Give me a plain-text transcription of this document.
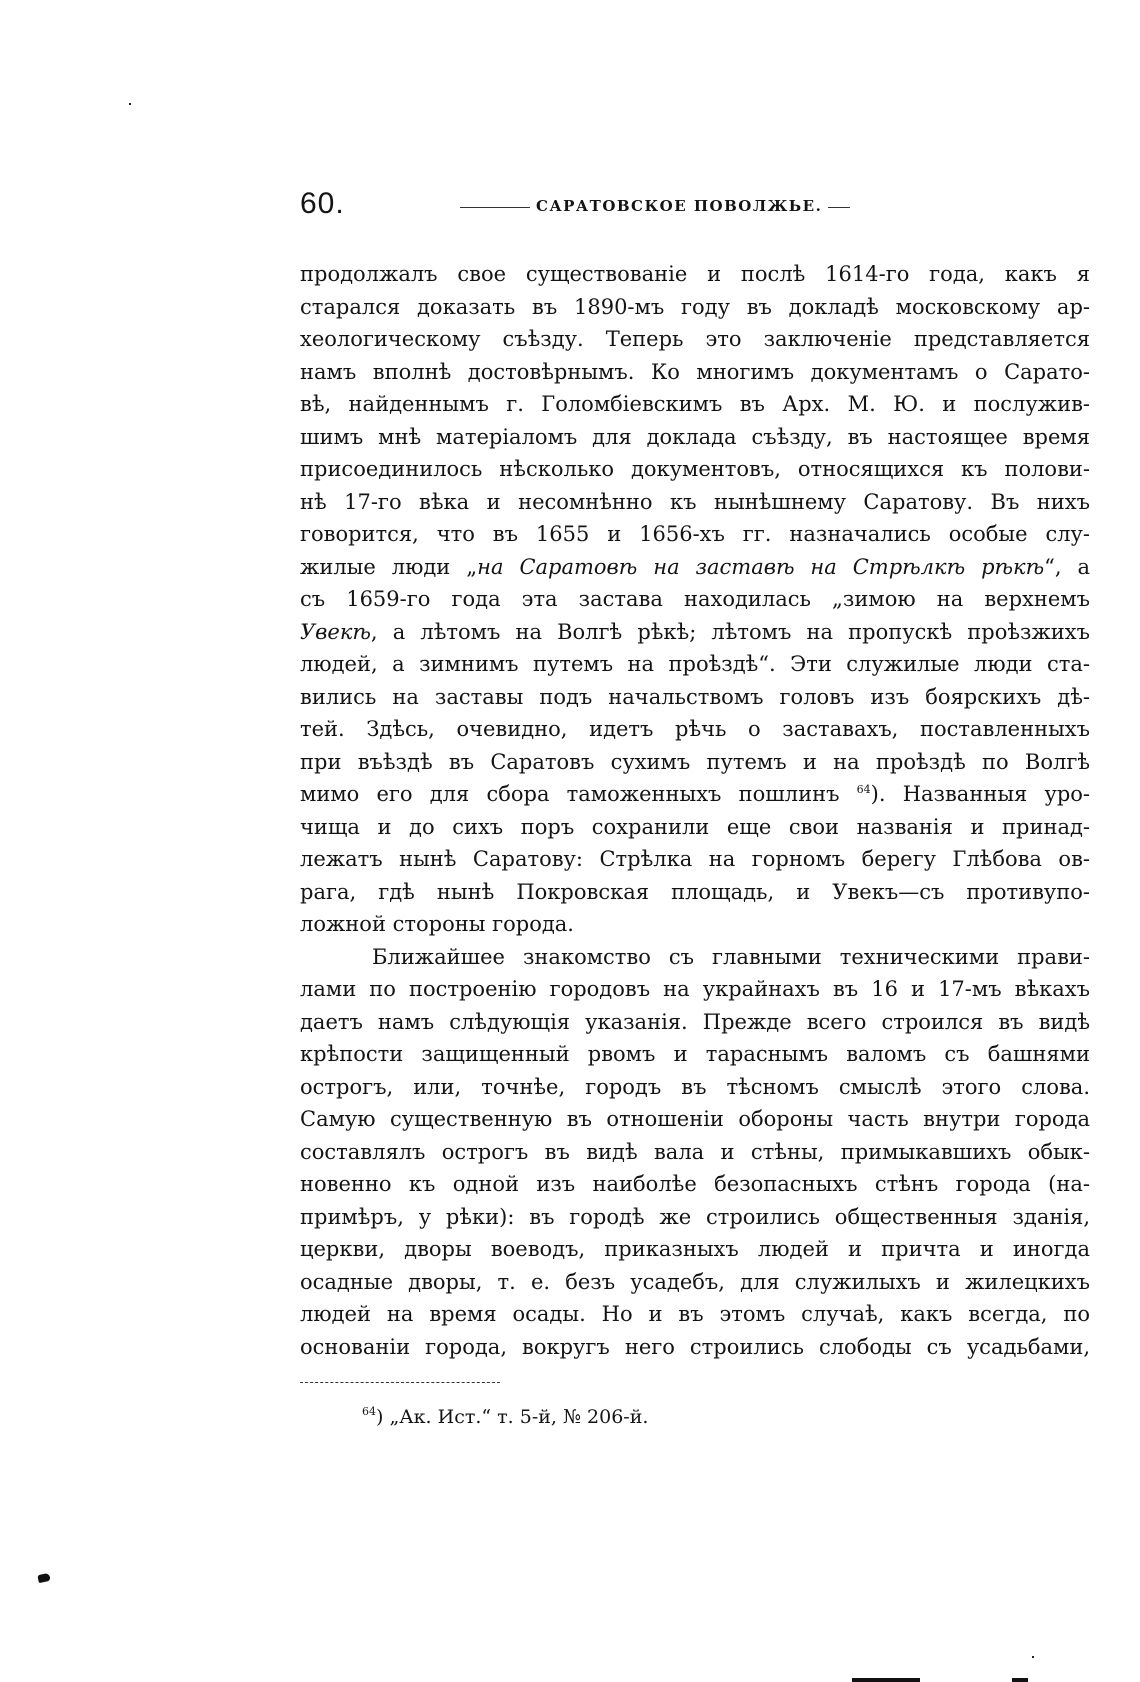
60.	САРАТОВСКОЕ ПОВОЛЖЬЕ.
продолжалъ свое существованіе и послѣ 1614-го года, какъ я
старался доказать въ 1890-мъ году въ докладѣ московскому ар-
хеологическому съѣзду. Теперь это заключеніе представляется
намъ вполнѣ достовѣрнымъ. Ко многимъ документамъ о Сарато-
вѣ, найденнымъ г. Голомбіевскимъ въ Арх. М. Ю. и послужив-
шимъ мнѣ матеріаломъ для доклада съѣзду, въ настоящее время
присоединилось нѣсколько документовъ, относящихся къ полови-
нѣ 17-го вѣка и несомнѣнно къ нынѣшнему Саратову. Въ нихъ
говорится, что въ 1655 и 1656-хъ гг. назначались особые слу-
жилые люди „на Саратовѣ на заставѣ на Стрѣлкѣ рѣкѣ“, а
съ 1659-го года эта застава находилась „зимою на верхнемъ
Увекѣ, а лѣтомъ на Волгѣ рѣкѣ; лѣтомъ на пропускѣ проѣзжихъ
людей, а зимнимъ путемъ на проѣздѣ“. Эти служилые люди ста-
вились на заставы подъ начальствомъ головъ изъ боярскихъ дѣ-
тей. Здѣсь, очевидно, идетъ рѣчь о заставахъ, поставленныхъ
при въѣздѣ въ Саратовъ сухимъ путемъ и на проѣздѣ по Волгѣ
мимо его для сбора таможенныхъ пошлинъ $^{64}$). Названныя уро-
чища и до сихъ поръ сохранили еще свои названія и принад-
лежатъ нынѣ Саратову: Стрѣлка на горномъ берегу Глѣбова ов-
рага, гдѣ нынѣ Покровская площадь, и Увекъ—съ противупо-
ложной стороны города.
Ближайшее знакомство съ главными техническими прави-
лами по построенію городовъ на украйнахъ въ 16 и 17-мъ вѣкахъ
даетъ намъ слѣдующія указанія. Прежде всего строился въ видѣ
крѣпости защищенный рвомъ и тараснымъ валомъ съ башнями
острогъ, или, точнѣе, городъ въ тѣсномъ смыслѣ этого слова.
Самую существенную въ отношеніи обороны часть внутри города
составлялъ острогъ въ видѣ вала и стѣны, примыкавшихъ обык-
новенно къ одной изъ наиболѣе безопасныхъ стѣнъ города (на-
примѣръ, у рѣки): въ городѣ же строились общественныя зданія,
церкви, дворы воеводъ, приказныхъ людей и причта и иногда
осадные дворы, т. е. безъ усадебъ, для служилыхъ и жилецкихъ
людей на время осады. Но и въ этомъ случаѣ, какъ всегда, по
основаніи города, вокругъ него строились слободы съ усадьбами,
$^{64}$) „Ак. Ист.“ т. 5-й, № 206-й.
